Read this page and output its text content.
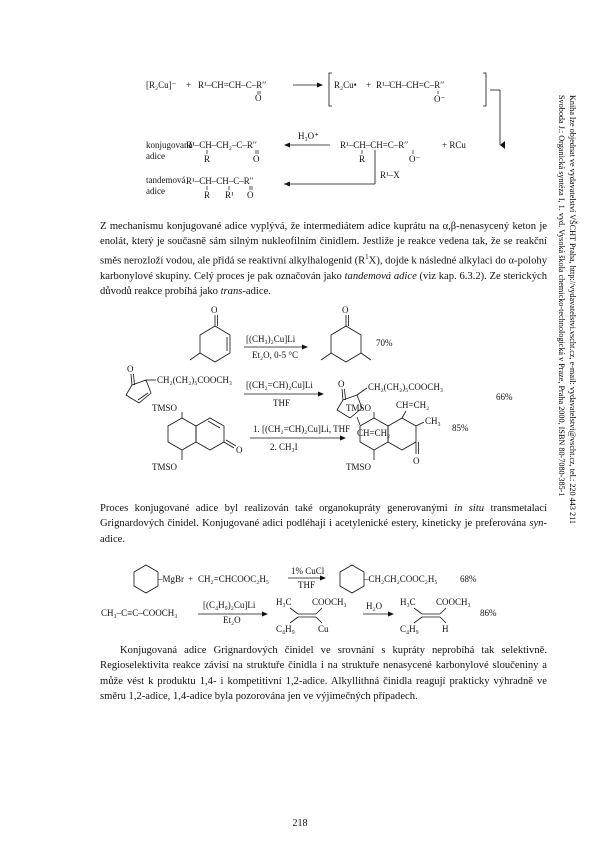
Svoboda J.: Organická syntéza I, 1. vyd. Vysoká škola chemicko-technologická v Praze, Praha 2000, ISBN 80-7080-385-1 Kniha lze objednat ve vydavatelství VŠCHT Praha, http://vydavatelstvi.vscht.cz, e-mail: vydavatelstvi@vscht.cz, tel.: 220 443 211
[R₂Cu]⁻ + R¹–CH=CH–C–R′′
O
R₂Cu• + R¹–̇CH–CH=C–R′′
O⁻
konjugovaná
adice
R¹–CH–CH₂–C–R′′
R	O
H₃O⁺
R¹–CH–CH=C–R′′
R	O⁻
+ RCu
R¹–X
tandemová
adice
R¹–CH–CH–C–R′′
R R¹ O

Z mechanismu konjugované adice vyplývá, že intermediátem adice kuprátu na α,β-nenasycený keton je enolát, který je současně sám silným nukleofilním činidlem. Jestliže je reakce vedena tak, že se reakční směs nerozloží vodou, ale přidá se reaktivní alkylhalogenid $(R^1X)$, dojde k následné alkylaci do α-polohy karbonylové skupiny. Celý proces je pak označován jako tandemová adice (viz kap. 6.3.2). Ze sterických důvodů reakce probíhá jako trans-adice.

O
[(CH₃)₂Cu]Li
Et₂O, 0-5 °C
O
70%
O
CH₂(CH₂)₅COOCH₃ [(CH₂=CH)₂Cu]Li
THF
O	CH₂(CH₂)₅COOCH₃
CH=CH₂
66%
TMSO
TMSO
O
1. [(CH₂=CH)₂Cu]Li, THF
2. CH₃I
TMSO
TMSO
CH=CH₂
CH₃
O
85%

Proces konjugované adice byl realizován také organokupráty generovanými in situ transmetalací Grignardových činidel. Konjugované adici podléhají i acetylenické estery, kineticky je preferována syn-adice.

–MgBr + CH₂=CHCOOC₂H₅
1% CuCl
THF
–CH₂CH₂COOC₂H₅ 68%
CH₃–C≡C–COOCH₃
[(C₄H₉)₂Cu]Li
Et₂O
H₃C COOCH₃
C₄H₉	Cu
H₂O H₃C COOCH₃
C₄H₉	H
86%

Konjugovaná adice Grignardových činidel ve srovnání s kupráty neprobíhá tak selektivně. Regioselektivita reakce závisí na struktuře činidla i na struktuře nenasycené karbonylové sloučeniny a může vést k produktu 1,4- i kompetitivní 1,2-adice. Alkyllithná činidla reagují prakticky výhradně ve směru 1,2-adice, 1,4-adice byla pozorována jen ve výjimečných případech.

218
